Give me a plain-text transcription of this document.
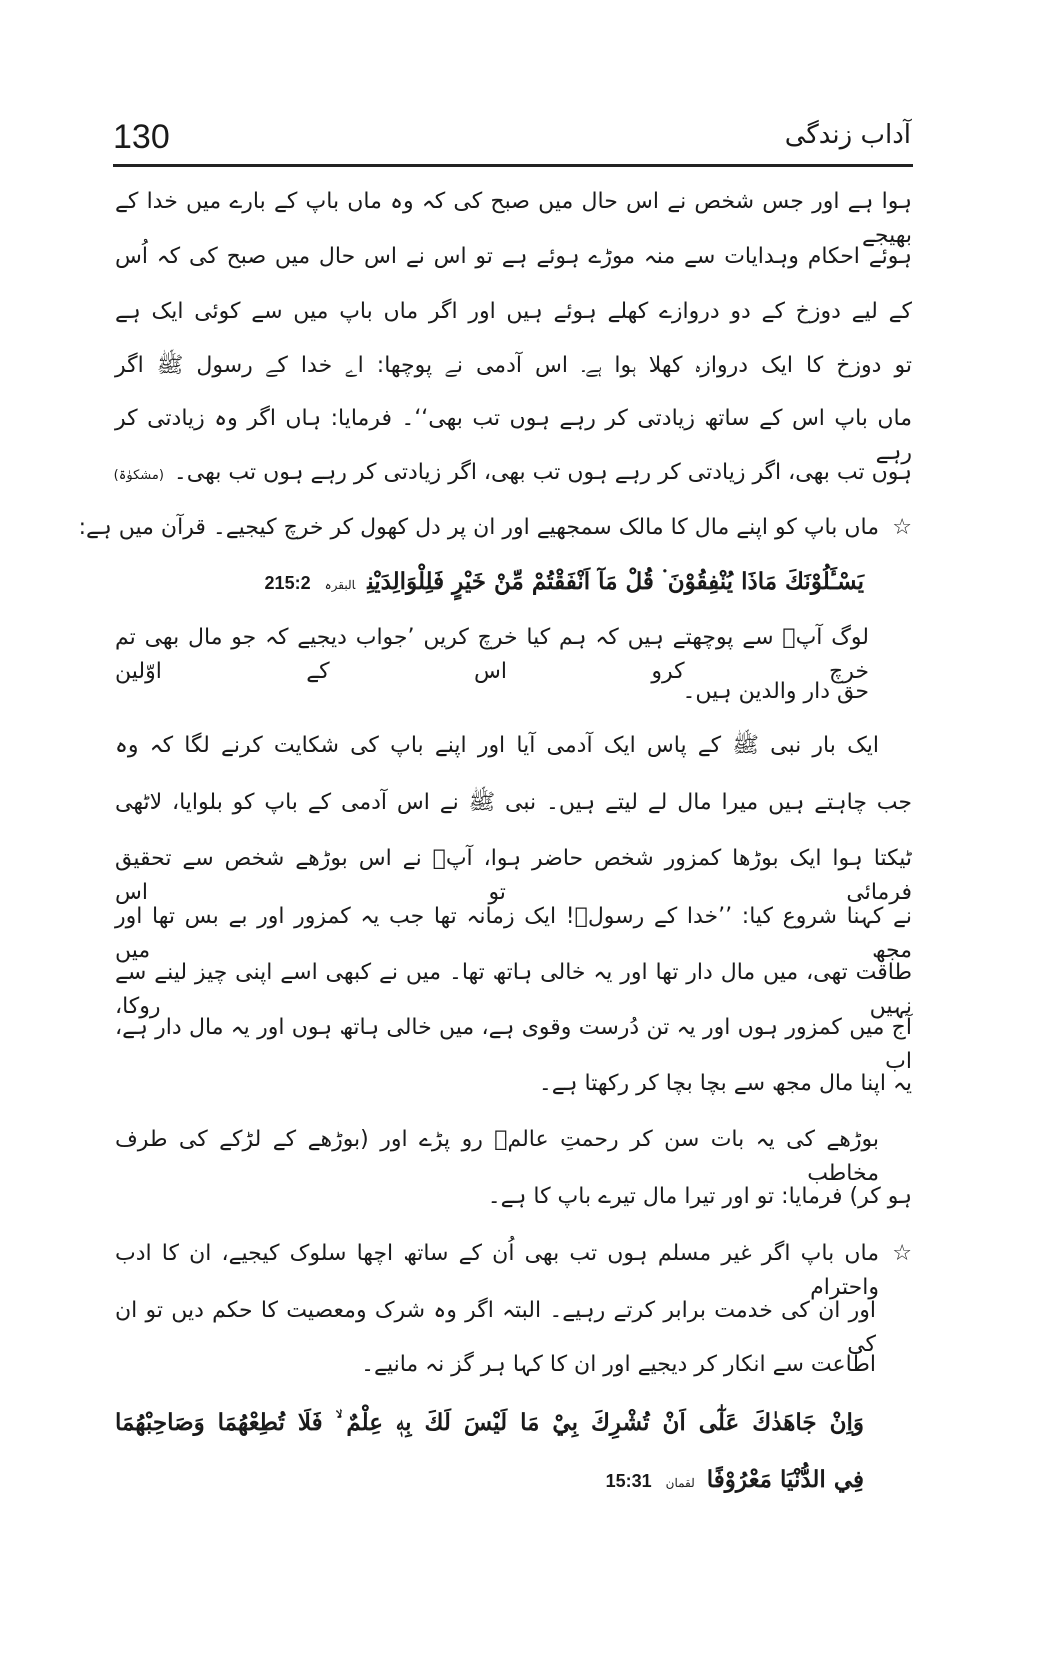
130	آداب زندگی
ہوا ہے اور جس شخص نے اس حال میں صبح کی کہ وہ ماں باپ کے بارے میں خدا کے بھیجے
ہوئے احکام وہدایات سے منہ موڑے ہوئے ہے تو اس نے اس حال میں صبح کی کہ اُس
کے لیے دوزخ کے دو دروازے کھلے ہوئے ہیں اور اگر ماں باپ میں سے کوئی ایک ہے
تو دوزخ کا ایک دروازہ کھلا ہوا ہے۔ اس آدمی نے پوچھا: اے خدا کے رسول ﷺ اگر
ماں باپ اس کے ساتھ زیادتی کر رہے ہوں تب بھی‘‘۔ فرمایا: ہاں اگر وہ زیادتی کر رہے
ہوں تب بھی، اگر زیادتی کر رہے ہوں تب بھی، اگر زیادتی کر رہے ہوں تب بھی۔(مشکوٰۃ)
☆
ماں باپ کو اپنے مال کا مالک سمجھیے اور ان پر دل کھول کر خرچ کیجیے۔ قرآن میں ہے:
يَسْـَٔلُوْنَكَ مَاذَا يُنْفِقُوْنَ ۬ قُلْ مَآ اَنْفَقْتُمْ مِّنْ خَيْرٍ فَلِلْوَالِدَيْنِالبقرہ215:2
لوگ آپؐ سے پوچھتے ہیں کہ ہم کیا خرچ کریں ’جواب دیجیے کہ جو مال بھی تم خرچ کرو اس کے اوّلین
حق دار والدین ہیں۔
ایک بار نبی ﷺ کے پاس ایک آدمی آیا اور اپنے باپ کی شکایت کرنے لگا کہ وہ
جب چاہتے ہیں میرا مال لے لیتے ہیں۔ نبی ﷺ نے اس آدمی کے باپ کو بلوایا، لاٹھی
ٹیکتا ہوا ایک بوڑھا کمزور شخص حاضر ہوا، آپؐ نے اس بوڑھے شخص سے تحقیق فرمائی تو اس
نے کہنا شروع کیا: ’’خدا کے رسولؐ! ایک زمانہ تھا جب یہ کمزور اور بے بس تھا اور مجھ میں
طاقت تھی، میں مال دار تھا اور یہ خالی ہاتھ تھا۔ میں نے کبھی اسے اپنی چیز لینے سے نہیں روکا،
آج میں کمزور ہوں اور یہ تن دُرست وقوی ہے، میں خالی ہاتھ ہوں اور یہ مال دار ہے، اب
یہ اپنا مال مجھ سے بچا بچا کر رکھتا ہے۔
بوڑھے کی یہ بات سن کر رحمتِ عالمؐ رو پڑے اور (بوڑھے کے لڑکے کی طرف مخاطب
ہو کر) فرمایا: تو اور تیرا مال تیرے باپ کا ہے۔
☆
ماں باپ اگر غیر مسلم ہوں تب بھی اُن کے ساتھ اچھا سلوک کیجیے، ان کا ادب واحترام
اور ان کی خدمت برابر کرتے رہیے۔ البتہ اگر وہ شرک ومعصیت کا حکم دیں تو ان کی
اطاعت سے انکار کر دیجیے اور ان کا کہا ہر گز نہ مانیے۔
وَاِنْ جَاهَدٰكَ عَلٰٓى اَنْ تُشْرِكَ بِيْ مَا لَيْسَ لَكَ بِهٖ عِلْمٌ ۙ فَلَا تُطِعْهُمَا وَصَاحِبْهُمَا
فِي الدُّنْيَا مَعْرُوْفًالقمان15:31
